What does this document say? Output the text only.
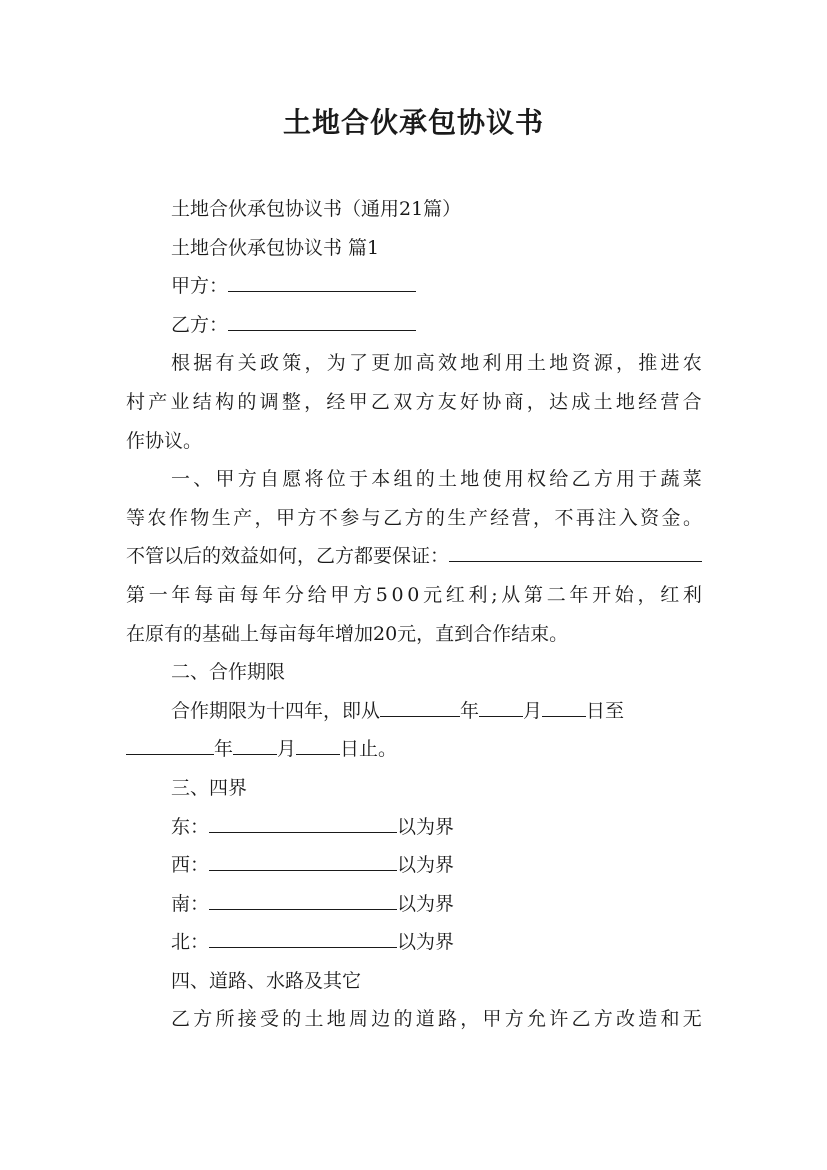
土地合伙承包协议书

土地合伙承包协议书（通用21篇）

土地合伙承包协议书 篇1

甲方：
乙方：
根 据 有 关 政 策 ， 为 了 更 加 高 效 地 利 用 土 地 资 源 ， 推 进 农
村 产 业 结 构 的 调 整 ， 经 甲 乙 双 方 友 好 协 商 ， 达 成 土 地 经 营 合

作协议。

一 、 甲 方 自 愿 将 位 于 本 组 的 土 地 使 用 权 给 乙 方 用 于 蔬 菜
等 农 作 物 生 产 ， 甲 方 不 参 与 乙 方 的 生 产 经 营 ， 不 再 注 入 资 金 。
不管以后的效益如何，乙方都要保证：
第 一 年 每 亩 每 年 分 给 甲 方 5 0 0 元 红 利 ; 从 第 二 年 开 始 ， 红 利

在原有的基础上每亩每年增加20元，直到合作结束。

二、合作期限

合作期限为十四年，即从	年 月 日至
年 月 日止。

三、四界

东：	以为界
西：	以为界
南：	以为界
北：	以为界

四、道路、水路及其它

乙 方 所 接 受 的 土 地 周 边 的 道 路 ， 甲 方 允 许 乙 方 改 造 和 无
